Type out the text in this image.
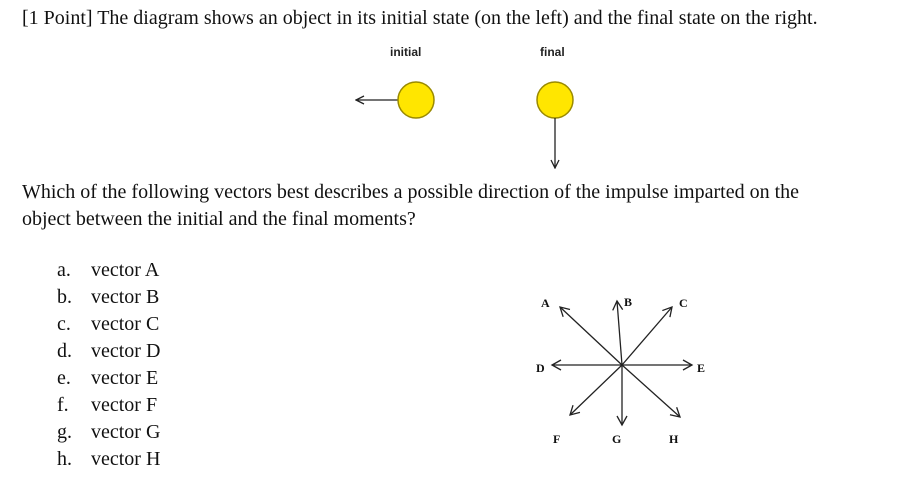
[1 Point] The diagram shows an object in its initial state (on the left) and the final state on the right.
initial	final
Which of the following vectors best describes a possible direction of the impulse imparted on the
object between the initial and the final moments?
a. vector A
b. vector B
c. vector C
d. vector D
e. vector E
f. vector F
g. vector G
h. vector H
A	B	C
D	E
F	G	H
